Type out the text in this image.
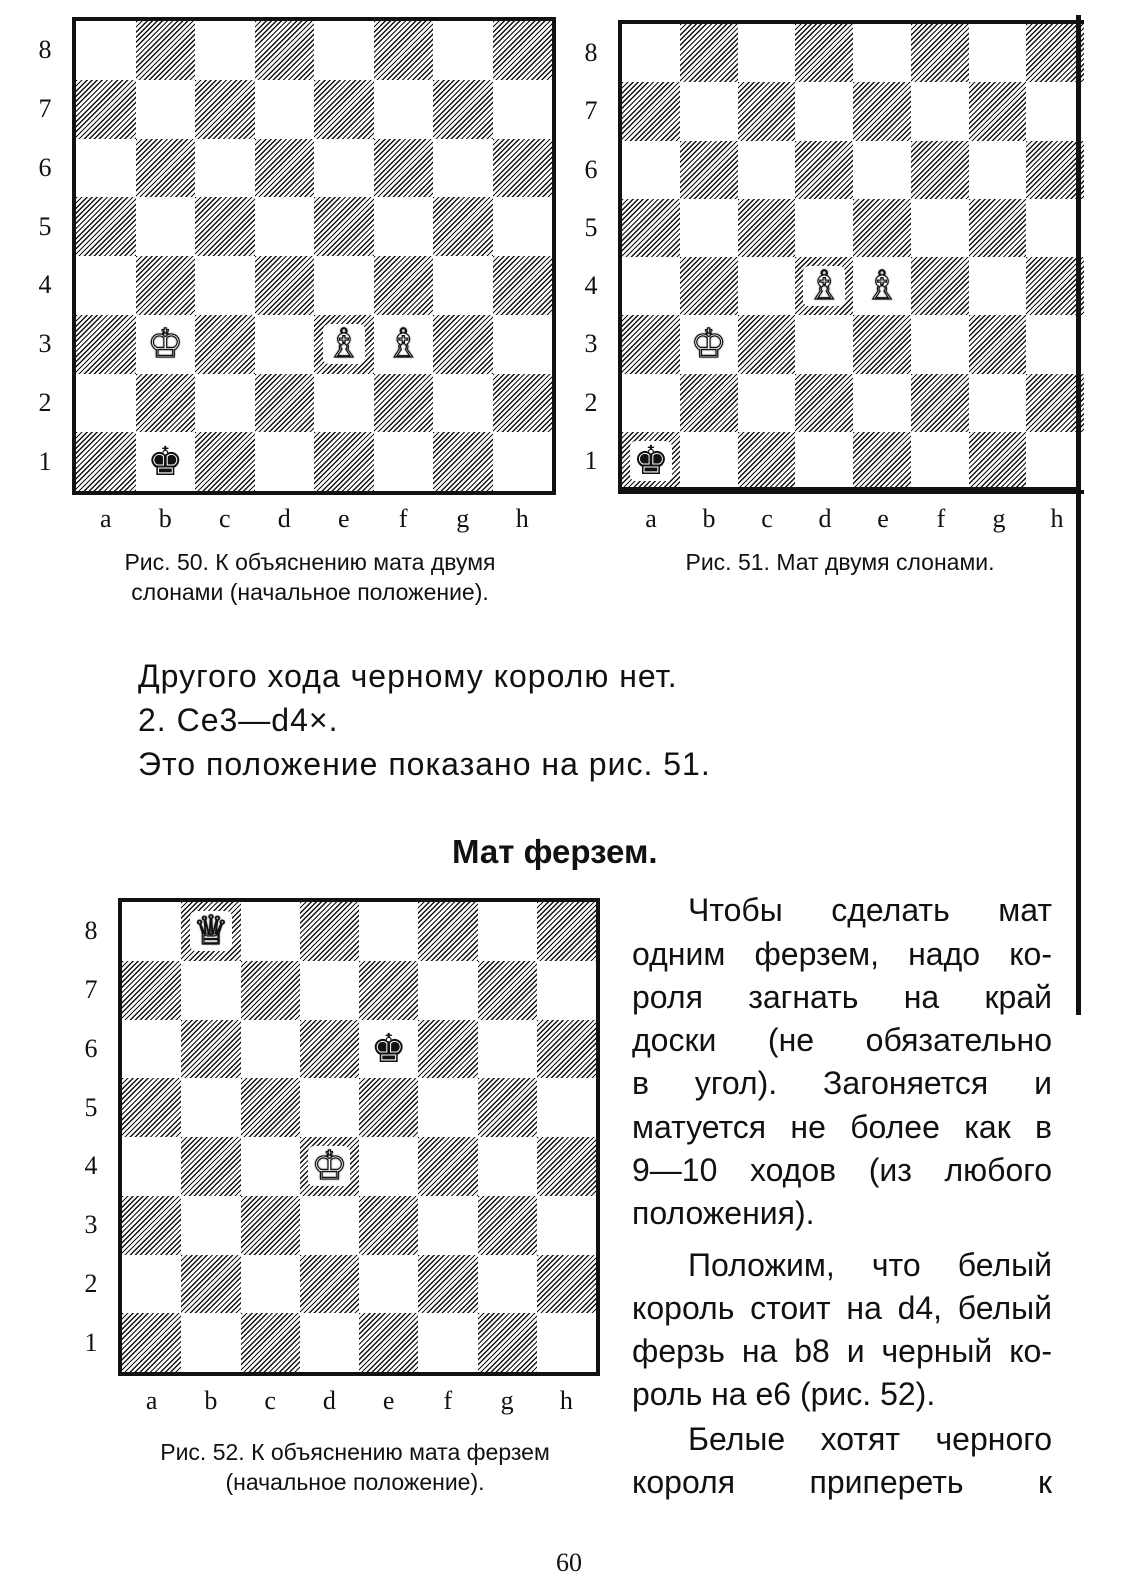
♔	♗ ♗
♚
8
7
6
5
4
3
2
1
a	b	c	d	e	f	g	h
Рис. 50. К объяснению мата двумя
слонами (начальное положение).
♗ ♗
♔
♚
8
7
6
5
4
3
2
1
a	b	c	d	e	f	g	h
Рис. 51. Мат двумя слонами.
Другого хода черному королю нет.
2. Се3—d4×.
Это положение показано на рис. 51.
Мат ферзем.
♕
♚
♔
8
7
6
5
4
3
2
1
a	b	c	d	e	f	g	h
Рис. 52. К объяснению мата ферзем
(начальное положение).
Чтобы сделать мат
одним ферзем, надо ко-
роля загнать на край
доски (не обязательно
в угол). Загоняется и
матуется не более как в
9—10 ходов (из любого
положения).
Положим, что белый
король стоит на d4, белый
ферзь на b8 и черный ко-
роль на е6 (рис. 52).
Белые хотят черного
короля припереть к
60
